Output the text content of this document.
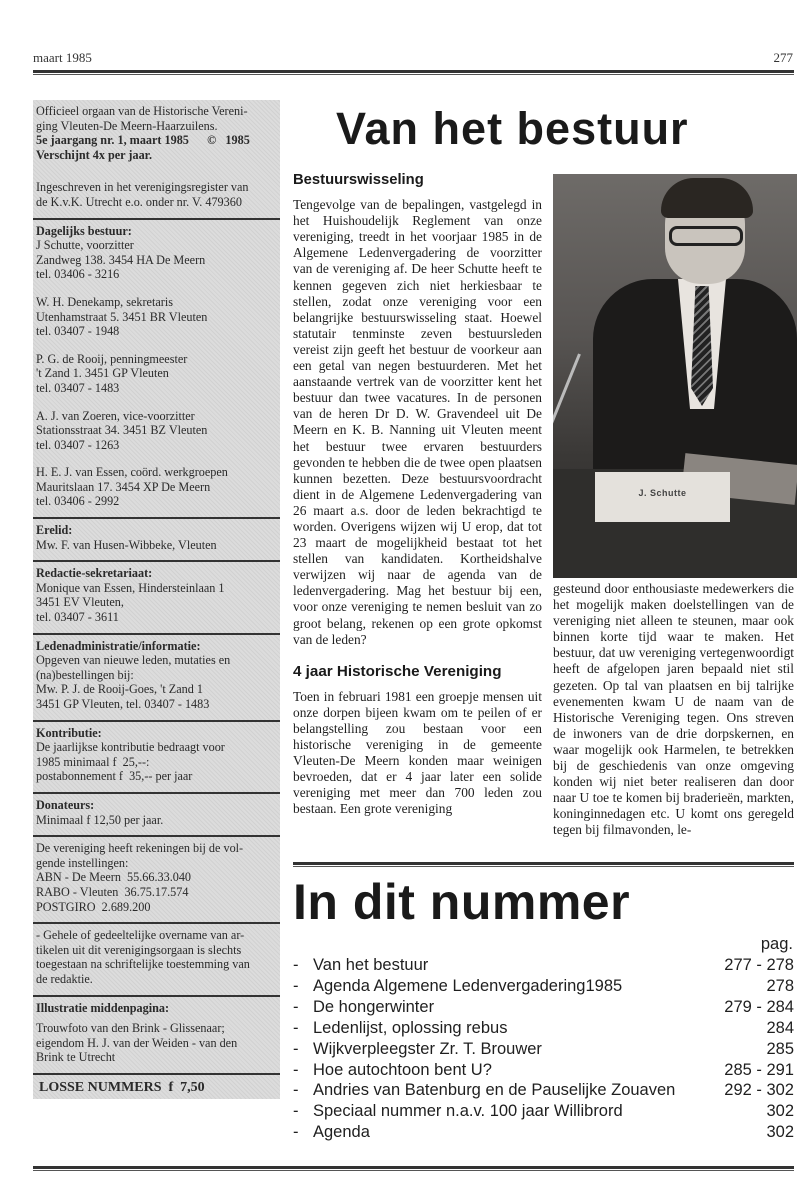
maart 1985	277
Officieel orgaan van de Historische Vereni-
ging Vleuten-De Meern-Haarzuilens.
5e jaargang nr. 1, maart 1985      ©   1985
Verschijnt 4x per jaar.
Ingeschreven in het verenigingsregister van
de K.v.K. Utrecht e.o. onder nr. V. 479360
Dagelijks bestuur:
J Schutte, voorzitter
Zandweg 138. 3454 HA De Meern
tel. 03406 - 3216
W. H. Denekamp, sekretaris
Utenhamstraat 5. 3451 BR Vleuten
tel. 03407 - 1948
P. G. de Rooij, penningmeester
't Zand 1. 3451 GP Vleuten
tel. 03407 - 1483
A. J. van Zoeren, vice-voorzitter
Stationsstraat 34. 3451 BZ Vleuten
tel. 03407 - 1263
H. E. J. van Essen, coörd. werkgroepen
Mauritslaan 17. 3454 XP De Meern
tel. 03406 - 2992
Erelid:
Mw. F. van Husen-Wibbeke, Vleuten
Redactie-sekretariaat:
Monique van Essen, Hindersteinlaan 1
3451 EV Vleuten,
tel. 03407 - 3611
Ledenadministratie/informatie:
Opgeven van nieuwe leden, mutaties en
(na)bestellingen bij:
Mw. P. J. de Rooij-Goes, 't Zand 1
3451 GP Vleuten, tel. 03407 - 1483
Kontributie:
De jaarlijkse kontributie bedraagt voor
1985 minimaal f  25,--:
postabonnement f  35,-- per jaar
Donateurs:
Minimaal f 12,50 per jaar.
De vereniging heeft rekeningen bij de vol-
gende instellingen:
ABN - De Meern  55.66.33.040
RABO - Vleuten  36.75.17.574
POSTGIRO  2.689.200
- Gehele of gedeeltelijke overname van ar-
tikelen uit dit verenigingsorgaan is slechts
toegestaan na schriftelijke toestemming van
de redaktie.
Illustratie middenpagina:
Trouwfoto van den Brink - Glissenaar;
eigendom H. J. van der Weiden - van den
Brink te Utrecht
LOSSE NUMMERS  f  7,50
Van het bestuur
Bestuurswisseling

Tengevolge van de bepalingen, vastgelegd in het Huishoudelijk Reglement van onze vereniging, treedt in het voorjaar 1985 in de Algemene Ledenvergadering de voorzitter van de vereniging af. De heer Schutte heeft te kennen gegeven zich niet herkiesbaar te stellen, zodat onze vereniging voor een belangrijke bestuurswisseling staat. Hoewel statutair tenminste zeven bestuursleden vereist zijn geeft het bestuur de voorkeur aan een getal van negen bestuurderen. Met het aanstaande vertrek van de voorzitter kent het bestuur dan twee vacatures. In de personen van de heren Dr D. W. Gravendeel uit De Meern en K. B. Nanning uit Vleuten meent het bestuur twee ervaren bestuurders gevonden te hebben die de twee open plaatsen kunnen bezetten. Deze bestuursvoordracht dient in de Algemene Ledenvergadering van 26 maart a.s. door de leden bekrachtigd te worden. Overigens wijzen wij U erop, dat tot 23 maart de mogelijkheid bestaat tot het stellen van kandidaten. Kortheidshalve verwijzen wij naar de agenda van de ledenvergadering. Mag het bestuur bij een, voor onze vereniging te nemen besluit van zo groot belang, rekenen op een grote opkomst van de leden?

4 jaar Historische Vereniging

Toen in februari 1981 een groepje mensen uit onze dorpen bijeen kwam om te peilen of er belangstelling zou bestaan voor een historische vereniging in de gemeente Vleuten-De Meern konden maar weinigen bevroeden, dat er 4 jaar later een solide vereniging met meer dan 700 leden zou bestaan. Een grote vereniging

J. Schutte

gesteund door enthousiaste medewerkers die het mogelijk maken doelstellingen van de vereniging niet alleen te steunen, maar ook binnen korte tijd waar te maken. Het bestuur, dat uw vereniging vertegenwoordigt heeft de afgelopen jaren bepaald niet stil gezeten. Op tal van plaatsen en bij talrijke evenementen kwam U de naam van de Historische Vereniging tegen. Ons streven de inwoners van de drie dorpskernen, en waar mogelijk ook Harmelen, te betrekken bij de geschiedenis van onze omgeving konden wij niet beter realiseren dan door naar U toe te komen bij braderieën, markten, koninginnedagen etc. U komt ons geregeld tegen bij filmavonden, le-

In dit nummer
pag.
- Van het bestuur	277 - 278
- Agenda Algemene Ledenvergadering1985	278
- De hongerwinter	279 - 284
- Ledenlijst, oplossing rebus	284
- Wijkverpleegster Zr. T. Brouwer	285
- Hoe autochtoon bent U?	285 - 291
- Andries van Batenburg en de Pauselijke Zouaven	292 - 302
- Speciaal nummer n.a.v. 100 jaar Willibrord	302
- Agenda	302
